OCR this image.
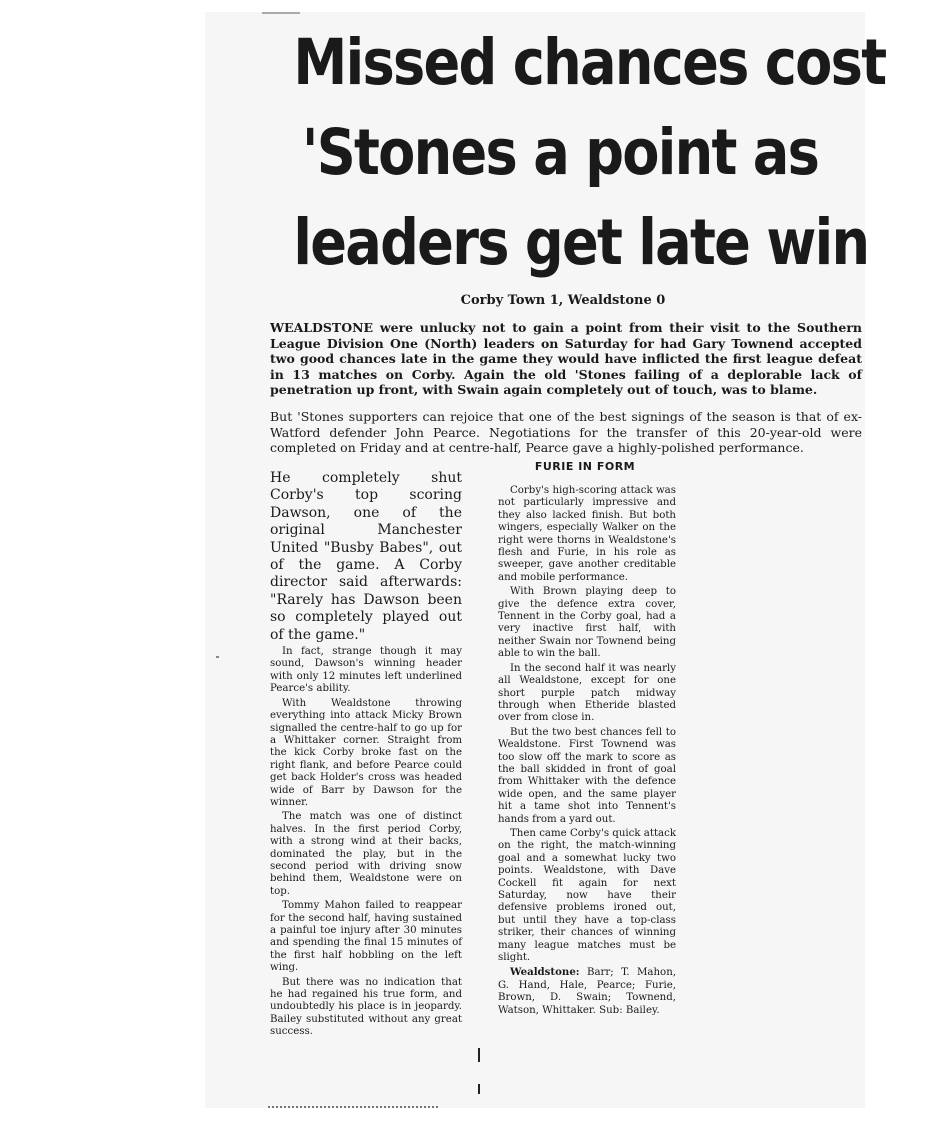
Missed chances cost
'Stones a point as
leaders get late win

Corby Town 1, Wealdstone 0

WEALDSTONE were unlucky not to gain a point from their visit to the Southern League Division One (North) leaders on Saturday for had Gary Townend accepted two good chances late in the game they would have inflicted the first league defeat in 13 matches on Corby. Again the old 'Stones failing of a deplorable lack of penetration up front, with Swain again completely out of touch, was to blame.

But 'Stones supporters can rejoice that one of the best signings of the season is that of ex-Watford defender John Pearce. Negotiations for the transfer of this 20-year-old were completed on Friday and at centre-half, Pearce gave a highly-polished performance.

He completely shut Corby's top scoring Dawson, one of the original Manchester United "Busby Babes", out of the game. A Corby director said afterwards: "Rarely has Dawson been so completely played out of the game."

In fact, strange though it may sound, Dawson's winning header with only 12 minutes left underlined Pearce's ability.

With Wealdstone throwing everything into attack Micky Brown signalled the centre-half to go up for a Whittaker corner. Straight from the kick Corby broke fast on the right flank, and before Pearce could get back Holder's cross was headed wide of Barr by Dawson for the winner.

The match was one of distinct halves. In the first period Corby, with a strong wind at their backs, dominated the play, but in the second period with driving snow behind them, Wealdstone were on top.

Tommy Mahon failed to reappear for the second half, having sustained a painful toe injury after 30 minutes and spending the final 15 minutes of the first half hobbling on the left wing.

But there was no indication that he had regained his true form, and undoubtedly his place is in jeopardy. Bailey substituted without any great success.

FURIE IN FORM

Corby's high-scoring attack was not particularly impressive and they also lacked finish. But both wingers, especially Walker on the right were thorns in Wealdstone's flesh and Furie, in his role as sweeper, gave another creditable and mobile performance.

With Brown playing deep to give the defence extra cover, Tennent in the Corby goal, had a very inactive first half, with neither Swain nor Townend being able to win the ball.

In the second half it was nearly all Wealdstone, except for one short purple patch midway through when Etheride blasted over from close in.

But the two best chances fell to Wealdstone. First Townend was too slow off the mark to score as the ball skidded in front of goal from Whittaker with the defence wide open, and the same player hit a tame shot into Tennent's hands from a yard out.

Then came Corby's quick attack on the right, the match-winning goal and a somewhat lucky two points. Wealdstone, with Dave Cockell fit again for next Saturday, now have their defensive problems ironed out, but until they have a top-class striker, their chances of winning many league matches must be slight.

Wealdstone: Barr; T. Mahon, G. Hand, Hale, Pearce; Furie, Brown, D. Swain; Townend, Watson, Whittaker. Sub: Bailey.
